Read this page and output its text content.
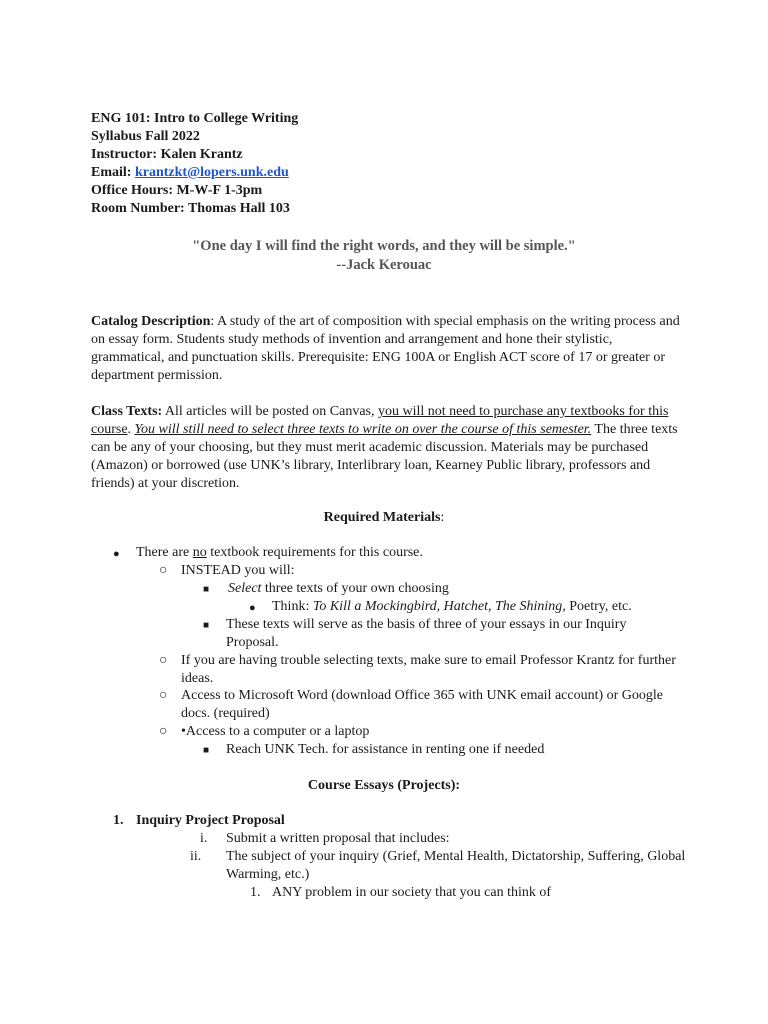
ENG 101: Intro to College Writing
Syllabus Fall 2022
Instructor: Kalen Krantz
Email: krantzkt@lopers.unk.edu
Office Hours: M-W-F 1-3pm
Room Number: Thomas Hall 103
"One day I will find the right words, and they will be simple."
--Jack Kerouac
Catalog Description: A study of the art of composition with special emphasis on the writing process and on essay form. Students study methods of invention and arrangement and hone their stylistic, grammatical, and punctuation skills. Prerequisite: ENG 100A or English ACT score of 17 or greater or department permission.
Class Texts: All articles will be posted on Canvas, you will not need to purchase any textbooks for this course. You will still need to select three texts to write on over the course of this semester. The three texts can be any of your choosing, but they must merit academic discussion. Materials may be purchased (Amazon) or borrowed (use UNK’s library, Interlibrary loan, Kearney Public library, professors and friends) at your discretion.
Required Materials:
● There are no textbook requirements for this course.
○ INSTEAD you will:
■ Select three texts of your own choosing
● Think: To Kill a Mockingbird, Hatchet, The Shining, Poetry, etc.
■ These texts will serve as the basis of three of your essays in our Inquiry Proposal.
○ If you are having trouble selecting texts, make sure to email Professor Krantz for further ideas.
○ Access to Microsoft Word (download Office 365 with UNK email account) or Google docs. (required)
○ •Access to a computer or a laptop
■ Reach UNK Tech. for assistance in renting one if needed
Course Essays (Projects):
1. Inquiry Project Proposal
i. Submit a written proposal that includes:
ii. The subject of your inquiry (Grief, Mental Health, Dictatorship, Suffering, Global Warming, etc.)
1. ANY problem in our society that you can think of
